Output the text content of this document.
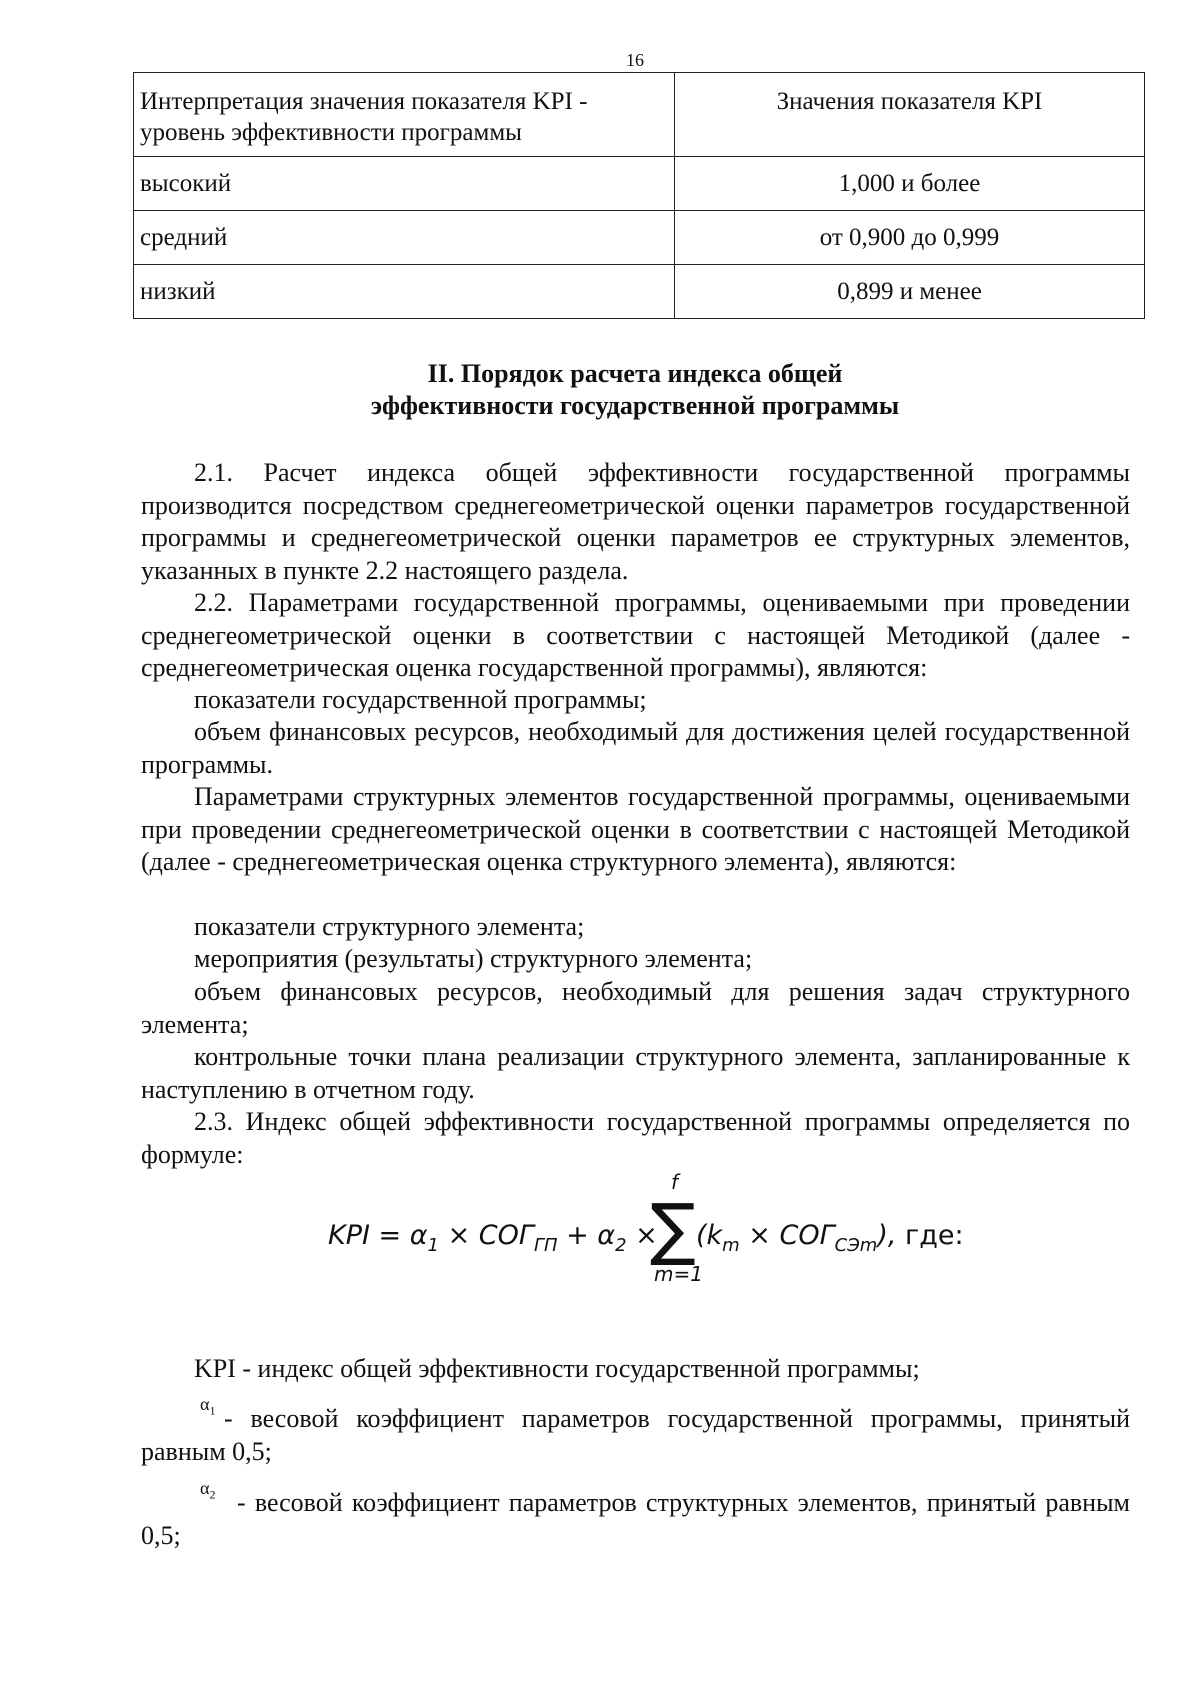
16
Интерпретация значения показателя KPI - уровень эффективности программы	Значения показателя KPI
высокий	1,000 и более
средний	от 0,900 до 0,999
низкий	0,899 и менее
II. Порядок расчета индекса общей
эффективности государственной программы

2.1. Расчет индекса общей эффективности государственной программы производится посредством среднегеометрической оценки параметров государственной программы и среднегеометрической оценки параметров ее структурных элементов, указанных в пункте 2.2 настоящего раздела.

2.2. Параметрами государственной программы, оцениваемыми при проведении среднегеометрической оценки в соответствии с настоящей Методикой (далее - среднегеометрическая оценка государственной программы), являются:

показатели государственной программы;

объем финансовых ресурсов, необходимый для достижения целей государственной программы.

Параметрами структурных элементов государственной программы, оцениваемыми при проведении среднегеометрической оценки в соответствии с настоящей Методикой (далее - среднегеометрическая оценка структурного элемента), являются:

показатели структурного элемента;

мероприятия (результаты) структурного элемента;

объем финансовых ресурсов, необходимый для решения задач структурного элемента;

контрольные точки плана реализации структурного элемента, запланированные к наступлению в отчетном году.

2.3. Индекс общей эффективности государственной программы определяется по формуле:

KPI = $\alpha_1 \times СОГ_{ГП} + \alpha_2$ ×
∑
f
m=1
$(k_m \times СОГ_{СЭm})$, где:

KPI - индекс общей эффективности государственной программы;

$\alpha_1$ - весовой коэффициент параметров государственной программы, принятый равным 0,5;

$\alpha_2$ - весовой коэффициент параметров структурных элементов, принятый равным 0,5;
